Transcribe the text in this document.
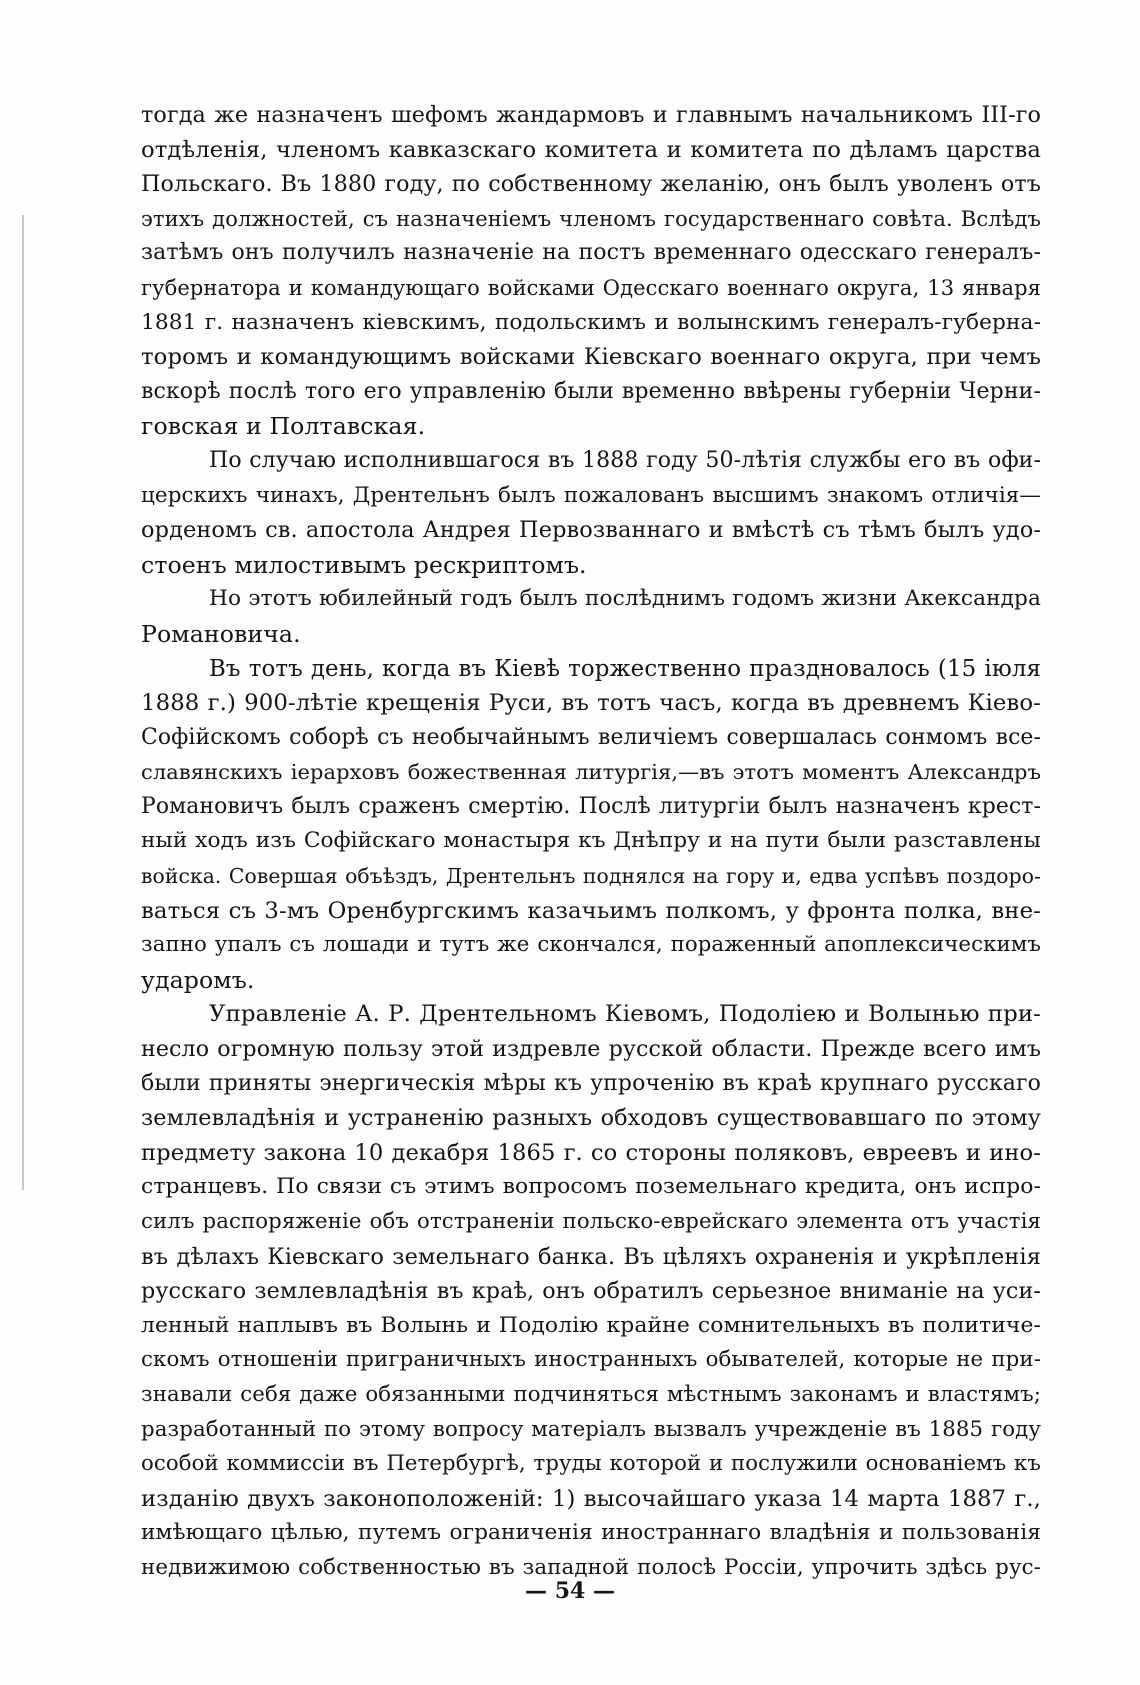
тогда же назначенъ шефомъ жандармовъ и главнымъ начальникомъ III-го
отдѣленія, членомъ кавказскаго комитета и комитета по дѣламъ царства
Польскаго. Въ 1880 году, по собственному желанію, онъ былъ уволенъ отъ
этихъ должностей, съ назначеніемъ членомъ государственнаго совѣта. Вслѣдъ
затѣмъ онъ получилъ назначеніе на постъ временнаго одесскаго генералъ-
губернатора и командующаго войсками Одесскаго военнаго округа, 13 января
1881 г. назначенъ кіевскимъ, подольскимъ и волынскимъ генералъ-губерна-
торомъ и командующимъ войсками Кіевскаго военнаго округа, при чемъ
вскорѣ послѣ того его управленію были временно ввѣрены губерніи Черни-
говская и Полтавская.
По случаю исполнившагося въ 1888 году 50-лѣтія службы его въ офи-
церскихъ чинахъ, Дрентельнъ былъ пожалованъ высшимъ знакомъ отличія—
орденомъ св. апостола Андрея Первозваннаго и вмѣстѣ съ тѣмъ былъ удо-
стоенъ милостивымъ рескриптомъ.
Но этотъ юбилейный годъ былъ послѣднимъ годомъ жизни Акександра
Романовича.
Въ тотъ день, когда въ Кіевѣ торжественно праздновалось (15 іюля
1888 г.) 900-лѣтіе крещенія Руси, въ тотъ часъ, когда въ древнемъ Кіево-
Софійскомъ соборѣ съ необычайнымъ величіемъ совершалась сонмомъ все-
славянскихъ іерарховъ божественная литургія,—въ этотъ моментъ Александръ
Романовичъ былъ сраженъ смертію. Послѣ литургіи былъ назначенъ крест-
ный ходъ изъ Софійскаго монастыря къ Днѣпру и на пути были разставлены
войска. Совершая объѣздъ, Дрентельнъ поднялся на гору и, едва успѣвъ поздоро-
ваться съ 3-мъ Оренбургскимъ казачьимъ полкомъ, у фронта полка, вне-
запно упалъ съ лошади и тутъ же скончался, пораженный апоплексическимъ
ударомъ.
Управленіе А. Р. Дрентельномъ Кіевомъ, Подоліею и Волынью при-
несло огромную пользу этой издревле русской области. Прежде всего имъ
были приняты энергическія мѣры къ упроченію въ краѣ крупнаго русскаго
землевладѣнія и устраненію разныхъ обходовъ существовавшаго по этому
предмету закона 10 декабря 1865 г. со стороны поляковъ, евреевъ и ино-
странцевъ. По связи съ этимъ вопросомъ поземельнаго кредита, онъ испро-
силъ распоряженіе объ отстраненіи польско-еврейскаго элемента отъ участія
въ дѣлахъ Кіевскаго земельнаго банка. Въ цѣляхъ охраненія и укрѣпленія
русскаго землевладѣнія въ краѣ, онъ обратилъ серьезное вниманіе на уси-
ленный наплывъ въ Волынь и Подолію крайне сомнительныхъ въ политиче-
скомъ отношеніи приграничныхъ иностранныхъ обывателей, которые не при-
знавали себя даже обязанными подчиняться мѣстнымъ законамъ и властямъ;
разработанный по этому вопросу матеріалъ вызвалъ учрежденіе въ 1885 году
особой коммиссіи въ Петербургѣ, труды которой и послужили основаніемъ къ
изданію двухъ законоположеній: 1) высочайшаго указа 14 марта 1887 г.,
имѣющаго цѣлью, путемъ ограниченія иностраннаго владѣнія и пользованія
недвижимою собственностью въ западной полосѣ Россіи, упрочить здѣсь рус-
— 54 —
